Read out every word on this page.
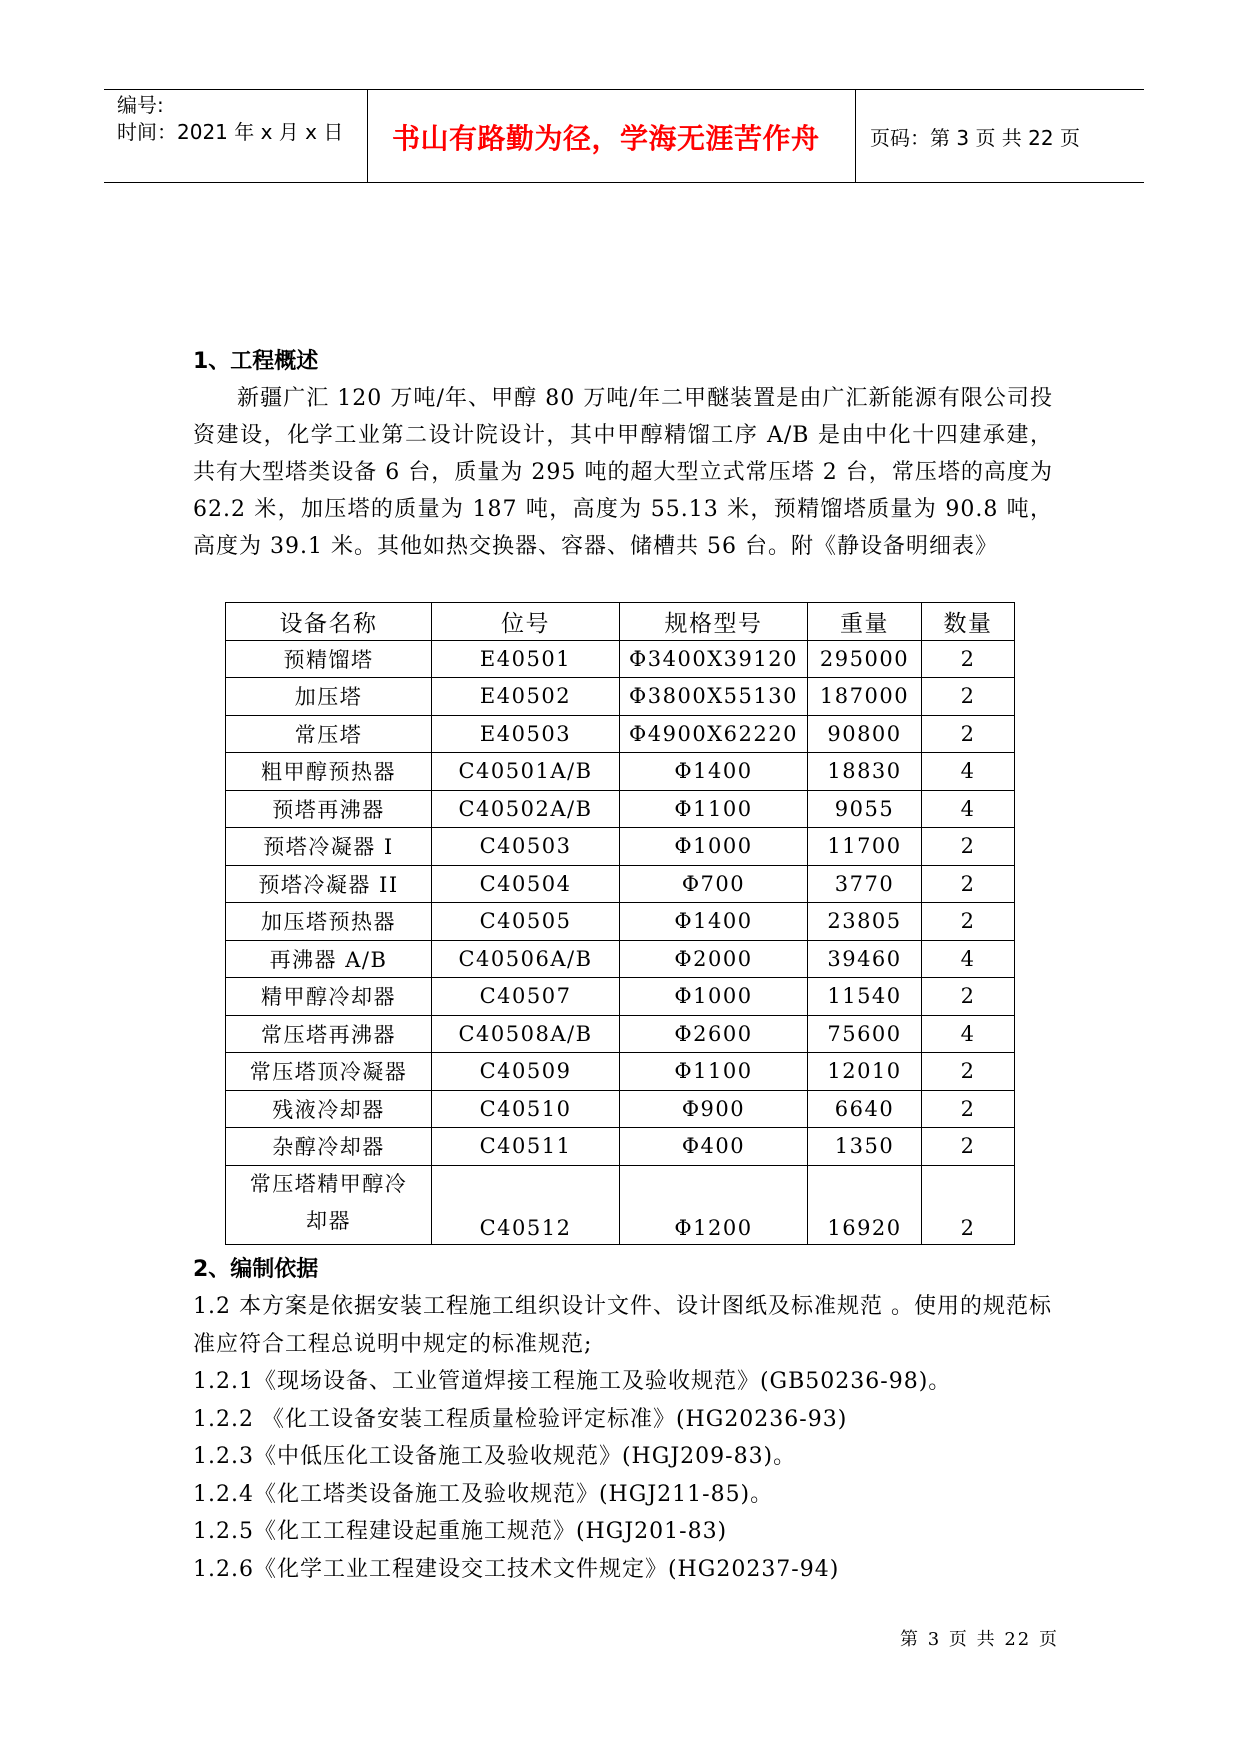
编号:
时间：2021 年 x 月 x 日 书山有路勤为径，学海无涯苦作舟	页码：第 3 页 共 22 页
1、工程概述

新疆广汇 120 万吨/年、甲醇 80 万吨/年二甲醚装置是由广汇新能源有限公司投资建设，化学工业第二设计院设计，其中甲醇精馏工序 A/B 是由中化十四建承建，共有大型塔类设备 6 台，质量为 295 吨的超大型立式常压塔 2 台，常压塔的高度为 62.2 米，加压塔的质量为 187 吨，高度为 55.13 米，预精馏塔质量为 90.8 吨，高度为 39.1 米。其他如热交换器、容器、储槽共 56 台。附《静设备明细表》

设备名称	位号	规格型号	重量	数量
预精馏塔	E40501	Φ3400X39120	295000	2
加压塔	E40502	Φ3800X55130	187000	2
常压塔	E40503	Φ4900X62220	90800	2
粗甲醇预热器	C40501A/B	Φ1400	18830	4
预塔再沸器	C40502A/B	Φ1100	9055	4
预塔冷凝器 I	C40503	Φ1000	11700	2
预塔冷凝器 II	C40504	Φ700	3770	2
加压塔预热器	C40505	Φ1400	23805	2
再沸器 A/B	C40506A/B	Φ2000	39460	4
精甲醇冷却器	C40507	Φ1000	11540	2
常压塔再沸器	C40508A/B	Φ2600	75600	4
常压塔顶冷凝器	C40509	Φ1100	12010	2
残液冷却器	C40510	Φ900	6640	2
杂醇冷却器	C40511	Φ400	1350	2

常压塔精甲醇冷
却器	C40512	Φ1200	16920	2
2、编制依据

1.2 本方案是依据安装工程施工组织设计文件、设计图纸及标准规范 。使用的规范标准应符合工程总说明中规定的标准规范;

1.2.1《现场设备、工业管道焊接工程施工及验收规范》(GB50236-98)。

1.2.2 《化工设备安装工程质量检验评定标准》(HG20236-93)

1.2.3《中低压化工设备施工及验收规范》(HGJ209-83)。

1.2.4《化工塔类设备施工及验收规范》(HGJ211-85)。

1.2.5《化工工程建设起重施工规范》(HGJ201-83)

1.2.6《化学工业工程建设交工技术文件规定》(HG20237-94)

第 3 页 共 22 页
